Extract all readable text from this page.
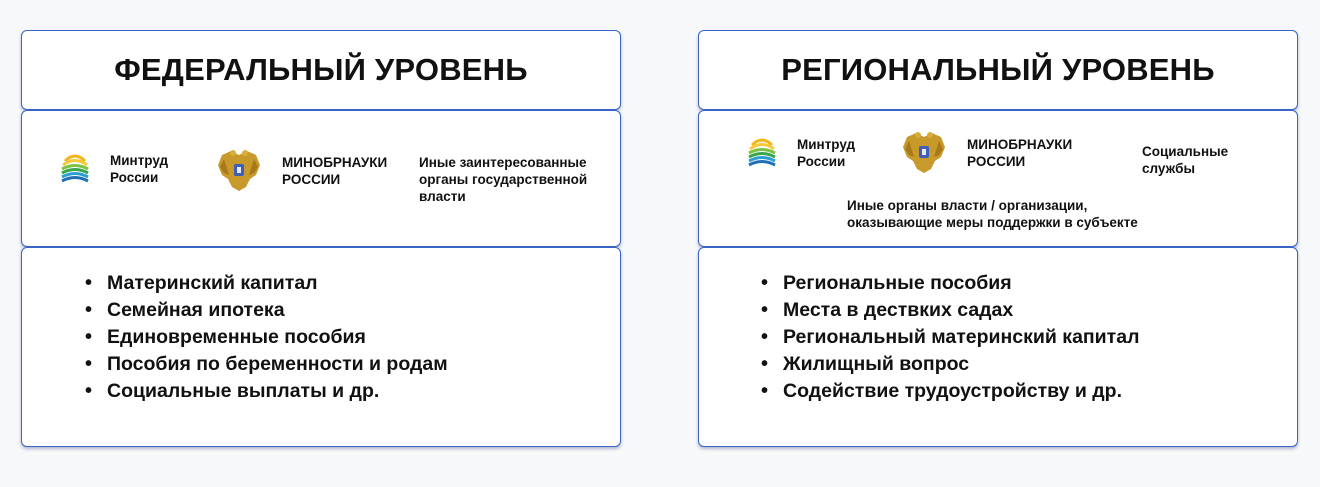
ФЕДЕРАЛЬНЫЙ УРОВЕНЬ
Минтруд
России
МИНОБРНАУКИ
РОССИИ
Иные заинтересованные
органы государственной
власти
• Материнский капитал
• Семейная ипотека
• Единовременные пособия
• Пособия по беременности и родам
• Социальные выплаты и др.
РЕГИОНАЛЬНЫЙ УРОВЕНЬ
Минтруд
России
МИНОБРНАУКИ
РОССИИ
Социальные
службы
Иные органы власти / организации,
оказывающие меры поддержки в субъекте
• Региональные пособия
• Места в дествких садах
• Региональный материнский капитал
• Жилищный вопрос
• Содействие трудоустройству и др.
